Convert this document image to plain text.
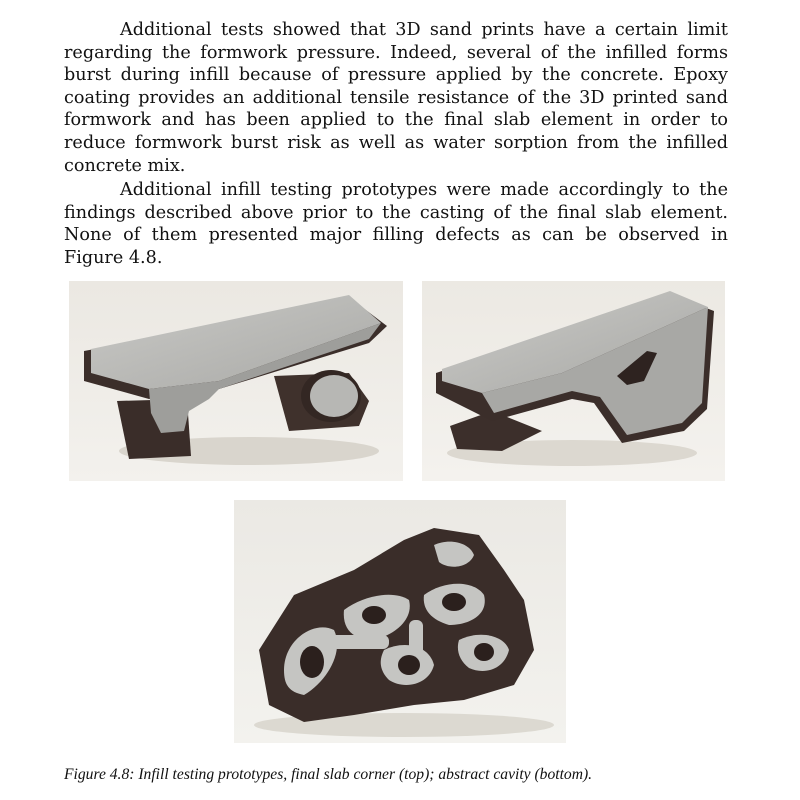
Additional tests showed that 3D sand prints have a certain limit regarding the formwork pressure. Indeed, several of the infilled forms burst during infill because of pressure applied by the concrete. Epoxy coating provides an additional tensile resistance of the 3D printed sand formwork and has been applied to the final slab element in order to reduce formwork burst risk as well as water sorption from the infilled concrete mix.

Additional infill testing prototypes were made accordingly to the findings described above prior to the casting of the final slab element. None of them presented major filling defects as can be observed in Figure 4.8.

Figure 4.8: Infill testing prototypes, final slab corner (top); abstract cavity (bottom).
